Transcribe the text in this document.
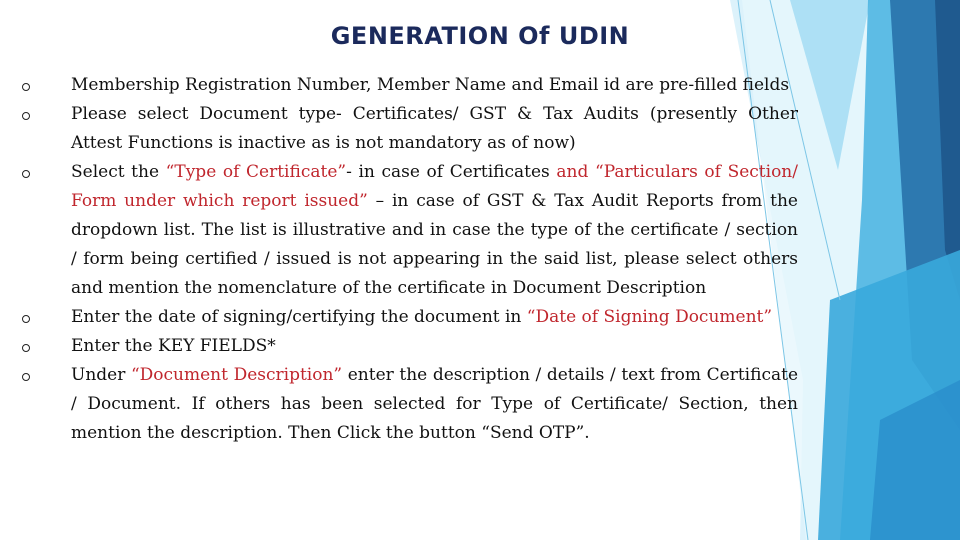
GENERATION Of UDIN
Membership Registration Number, Member Name and Email id are pre-filled fields
Please select Document type- Certificates/ GST & Tax Audits (presently Other Attest Functions is inactive as is not mandatory as of now)
Select the “Type of Certificate”- in case of Certificates and “Particulars of Section/ Form under which report issued” – in case of GST & Tax Audit Reports from the dropdown list. The list is illustrative and in case the type of the certificate / section / form being certified / issued is not appearing in the said list, please select others and mention the nomenclature of the certificate in Document Description
Enter the date of signing/certifying the document in “Date of Signing Document”
Enter the KEY FIELDS*
Under “Document Description” enter the description / details / text from Certificate / Document. If others has been selected for Type of Certificate/ Section, then mention the description. Then Click the button “Send OTP”.
